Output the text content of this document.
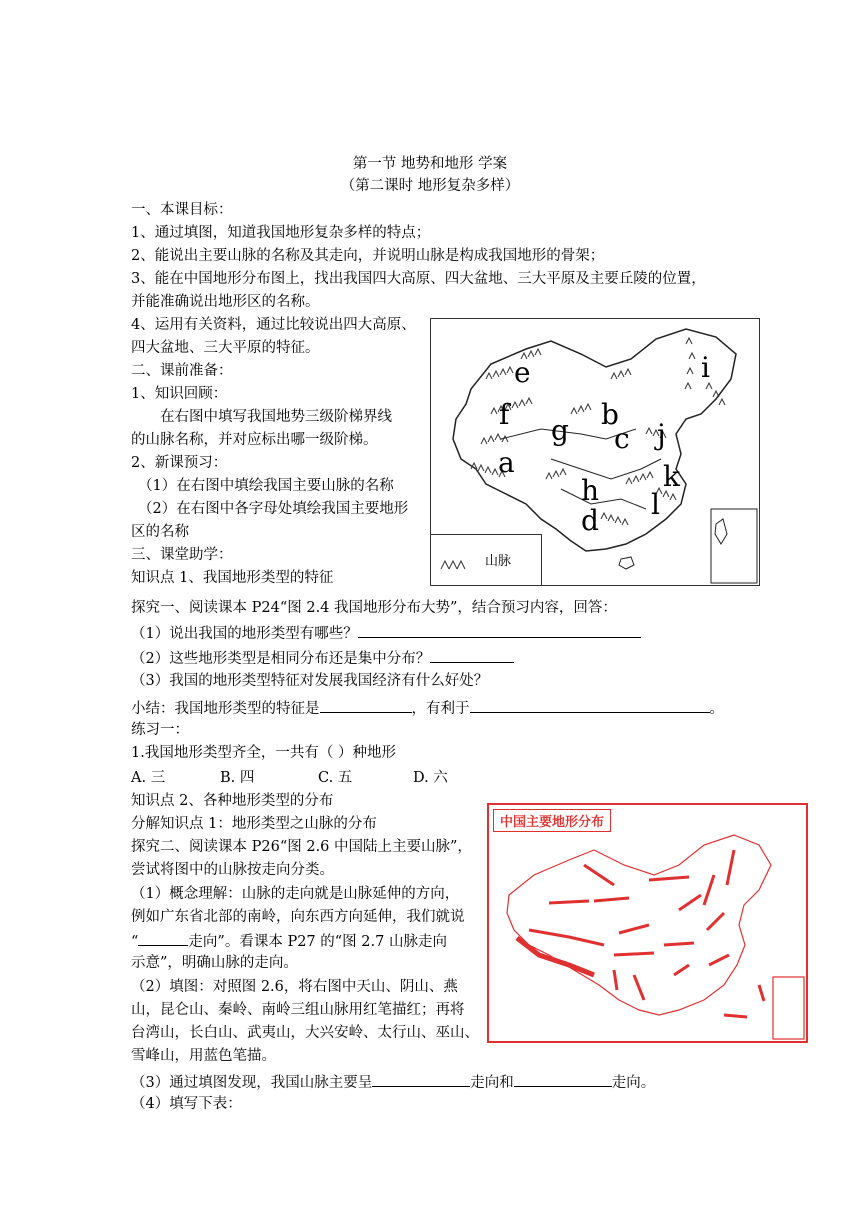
第一节 地势和地形 学案
（第二课时 地形复杂多样）
一、本课目标：
1、通过填图，知道我国地形复杂多样的特点；
2、能说出主要山脉的名称及其走向，并说明山脉是构成我国地形的骨架；
3、能在中国地形分布图上，找出我国四大高原、四大盆地、三大平原及主要丘陵的位置，
并能准确说出地形区的名称。
4、运用有关资料，通过比较说出四大高原、
四大盆地、三大平原的特征。
二、课前准备：
1、知识回顾：
在右图中填写我国地势三级阶梯界线
的山脉名称，并对应标出哪一级阶梯。
2、新课预习：
（1）在右图中填绘我国主要山脉的名称
（2）在右图中各字母处填绘我国主要地形
区的名称
e	i
f	b
g c j
a	k
h l
d
山脉
三、课堂助学：
知识点 1、我国地形类型的特征
探究一、阅读课本 P24“图 2.4 我国地形分布大势”，结合预习内容，回答：
（1）说出我国的地形类型有哪些？
（2）这些地形类型是相同分布还是集中分布？
（3）我国的地形类型特征对发展我国经济有什么好处？
小结：我国地形类型的特征是	，有利于	。
练习一：
1.我国地形类型齐全，一共有（ ）种地形
A. 三	B. 四	C. 五	D. 六
知识点 2、各种地形类型的分布
分解知识点 1：地形类型之山脉的分布
探究二、阅读课本 P26“图 2.6 中国陆上主要山脉”，
尝试将图中的山脉按走向分类。
（1）概念理解：山脉的走向就是山脉延伸的方向，
例如广东省北部的南岭，向东西方向延伸，我们就说
“	走向”。看课本 P27 的“图 2.7 山脉走向
示意”，明确山脉的走向。
（2）填图：对照图 2.6，将右图中天山、阴山、燕
山，昆仑山、秦岭、南岭三组山脉用红笔描红；再将
台湾山，长白山、武夷山，大兴安岭、太行山、巫山、
雪峰山，用蓝色笔描。
（3）通过填图发现，我国山脉主要呈	走向和	走向。
（4）填写下表：
中国主要地形分布
